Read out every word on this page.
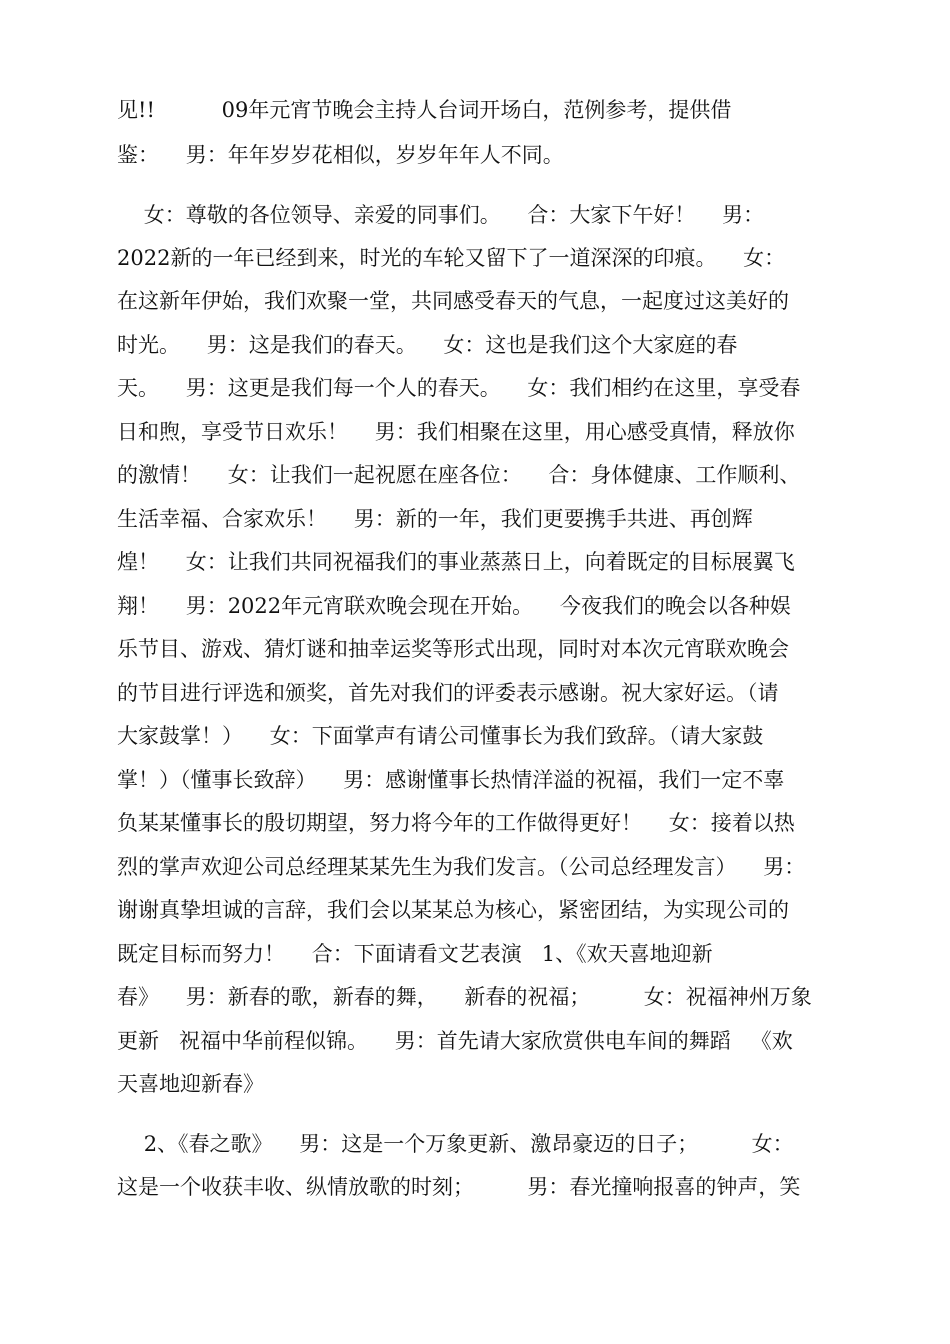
见!!          09年元宵节晚会主持人台词开场白，范例参考，提供借
鉴：    男：年年岁岁花相似，岁岁年年人不同。
女：尊敬的各位领导、亲爱的同事们。    合：大家下午好！    男：
2022新的一年已经到来，时光的车轮又留下了一道深深的印痕。    女：
在这新年伊始，我们欢聚一堂，共同感受春天的气息，一起度过这美好的
时光。    男：这是我们的春天。    女：这也是我们这个大家庭的春
天。    男：这更是我们每一个人的春天。    女：我们相约在这里，享受春
日和煦，享受节日欢乐！    男：我们相聚在这里，用心感受真情，释放你
的激情！    女：让我们一起祝愿在座各位：    合：身体健康、工作顺利、
生活幸福、合家欢乐！    男：新的一年，我们更要携手共进、再创辉
煌！    女：让我们共同祝福我们的事业蒸蒸日上，向着既定的目标展翼飞
翔！    男：2022年元宵联欢晚会现在开始。    今夜我们的晚会以各种娱
乐节目、游戏、猜灯谜和抽幸运奖等形式出现，同时对本次元宵联欢晚会
的节目进行评选和颁奖，首先对我们的评委表示感谢。祝大家好运。（请
大家鼓掌！）    女：下面掌声有请公司懂事长为我们致辞。（请大家鼓
掌！）（懂事长致辞）    男：感谢懂事长热情洋溢的祝福，我们一定不辜
负某某懂事长的殷切期望，努力将今年的工作做得更好！    女：接着以热
烈的掌声欢迎公司总经理某某先生为我们发言。（公司总经理发言）    男：
谢谢真挚坦诚的言辞，我们会以某某总为核心，紧密团结，为实现公司的
既定目标而努力！    合：下面请看文艺表演   1、《欢天喜地迎新
春》    男：新春的歌，新春的舞，    新春的祝福；        女：祝福神州万象
更新   祝福中华前程似锦。    男：首先请大家欣赏供电车间的舞蹈   《欢
天喜地迎新春》
2、《春之歌》    男：这是一个万象更新、激昂豪迈的日子；        女：
这是一个收获丰收、纵情放歌的时刻；        男：春光撞响报喜的钟声，笑
